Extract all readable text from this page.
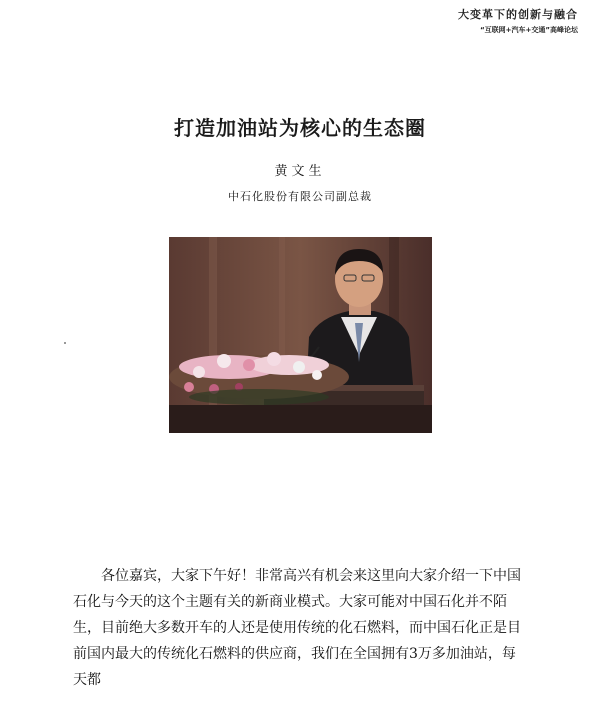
大变革下的创新与融合
“互联网+汽车+交通”高峰论坛
打造加油站为核心的生态圈
黄文生
中石化股份有限公司副总裁

各位嘉宾，大家下午好！非常高兴有机会来这里向大家介绍一下中国石化与今天的这个主题有关的新商业模式。大家可能对中国石化并不陌生，目前绝大多数开车的人还是使用传统的化石燃料，而中国石化正是目前国内最大的传统化石燃料的供应商，我们在全国拥有3万多加油站，每天都
